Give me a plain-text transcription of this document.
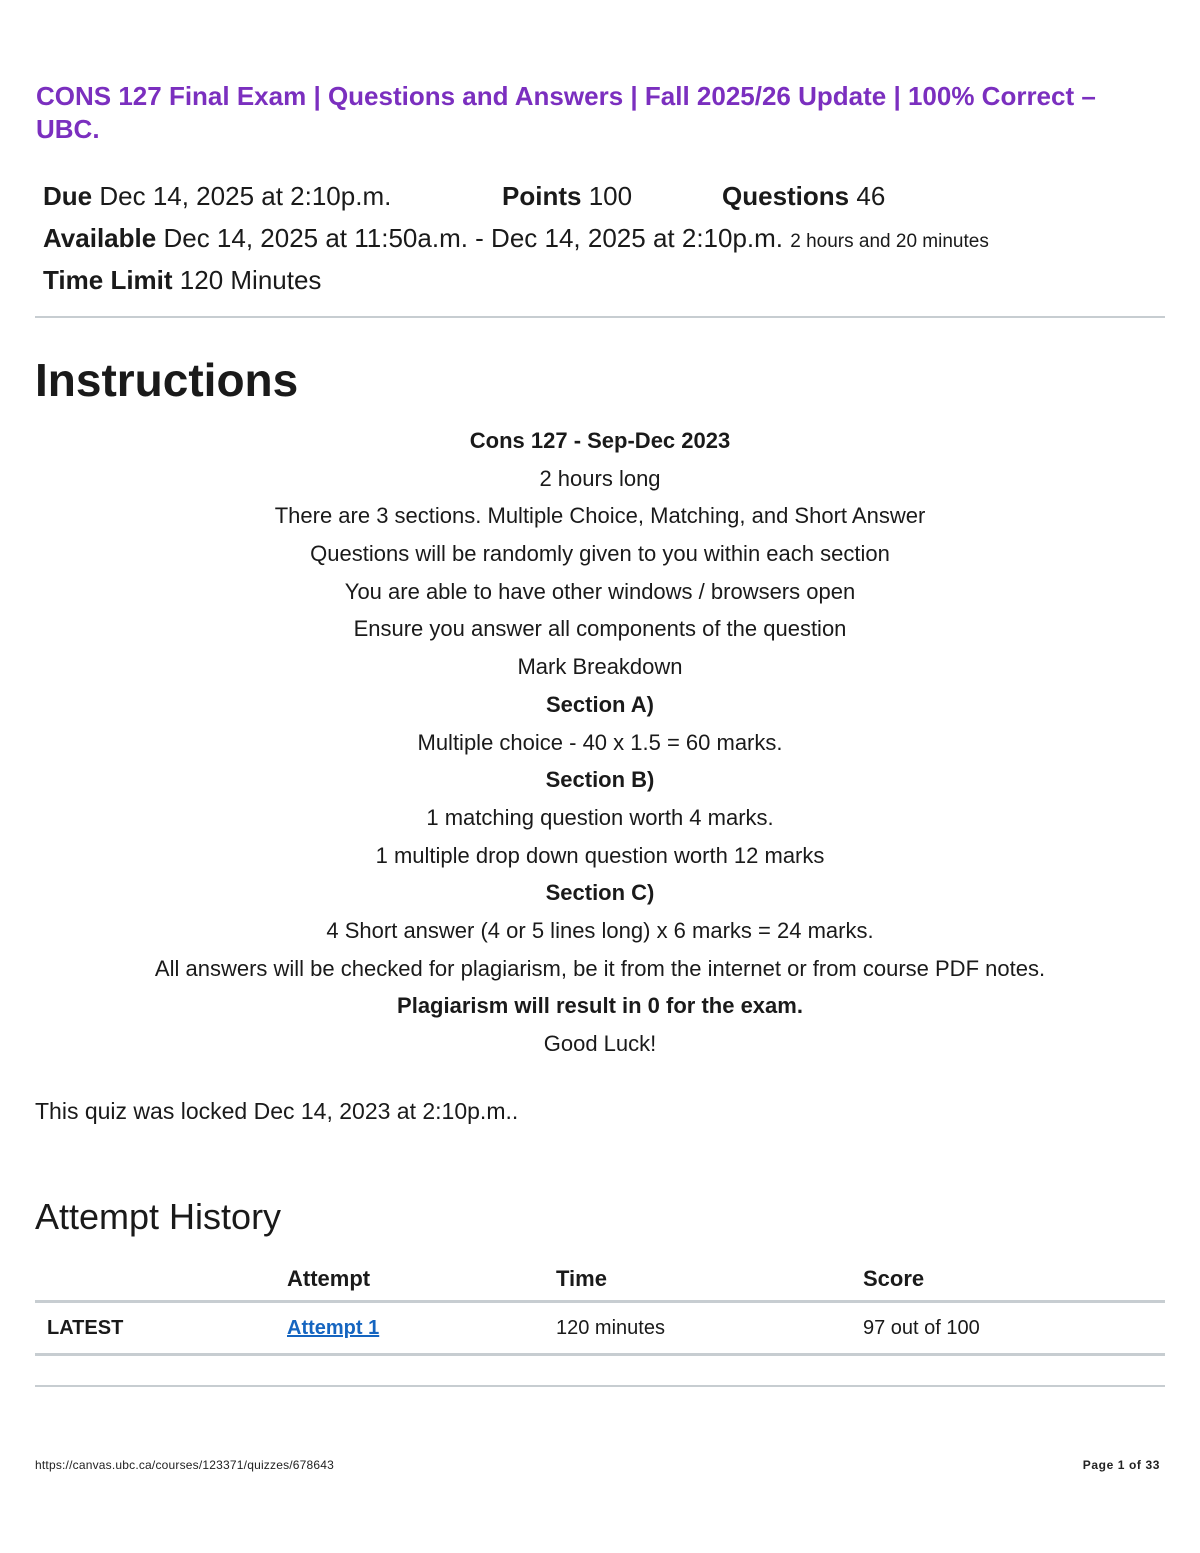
CONS 127 Final Exam | Questions and Answers | Fall 2025/26 Update | 100% Correct – UBC.
Due Dec 14, 2025 at 2:10p.m.	Points 100	Questions 46
Available Dec 14, 2025 at 11:50a.m. - Dec 14, 2025 at 2:10p.m. 2 hours and 20 minutes
Time Limit 120 Minutes
Instructions
Cons 127 - Sep-Dec 2023
2 hours long
There are 3 sections. Multiple Choice, Matching, and Short Answer
Questions will be randomly given to you within each section
You are able to have other windows / browsers open
Ensure you answer all components of the question
Mark Breakdown
Section A)
Multiple choice - 40 x 1.5 = 60 marks.
Section B)
1 matching question worth 4 marks.
1 multiple drop down question worth 12 marks
Section C)
4 Short answer (4 or 5 lines long) x 6 marks = 24 marks.
All answers will be checked for plagiarism, be it from the internet or from course PDF notes.
Plagiarism will result in 0 for the exam.
Good Luck!
This quiz was locked Dec 14, 2023 at 2:10p.m..
Attempt History
	Attempt	Time	Score
LATEST	Attempt 1	120 minutes	97 out of 100
https://canvas.ubc.ca/courses/123371/quizzes/678643	Page 1 of 33
